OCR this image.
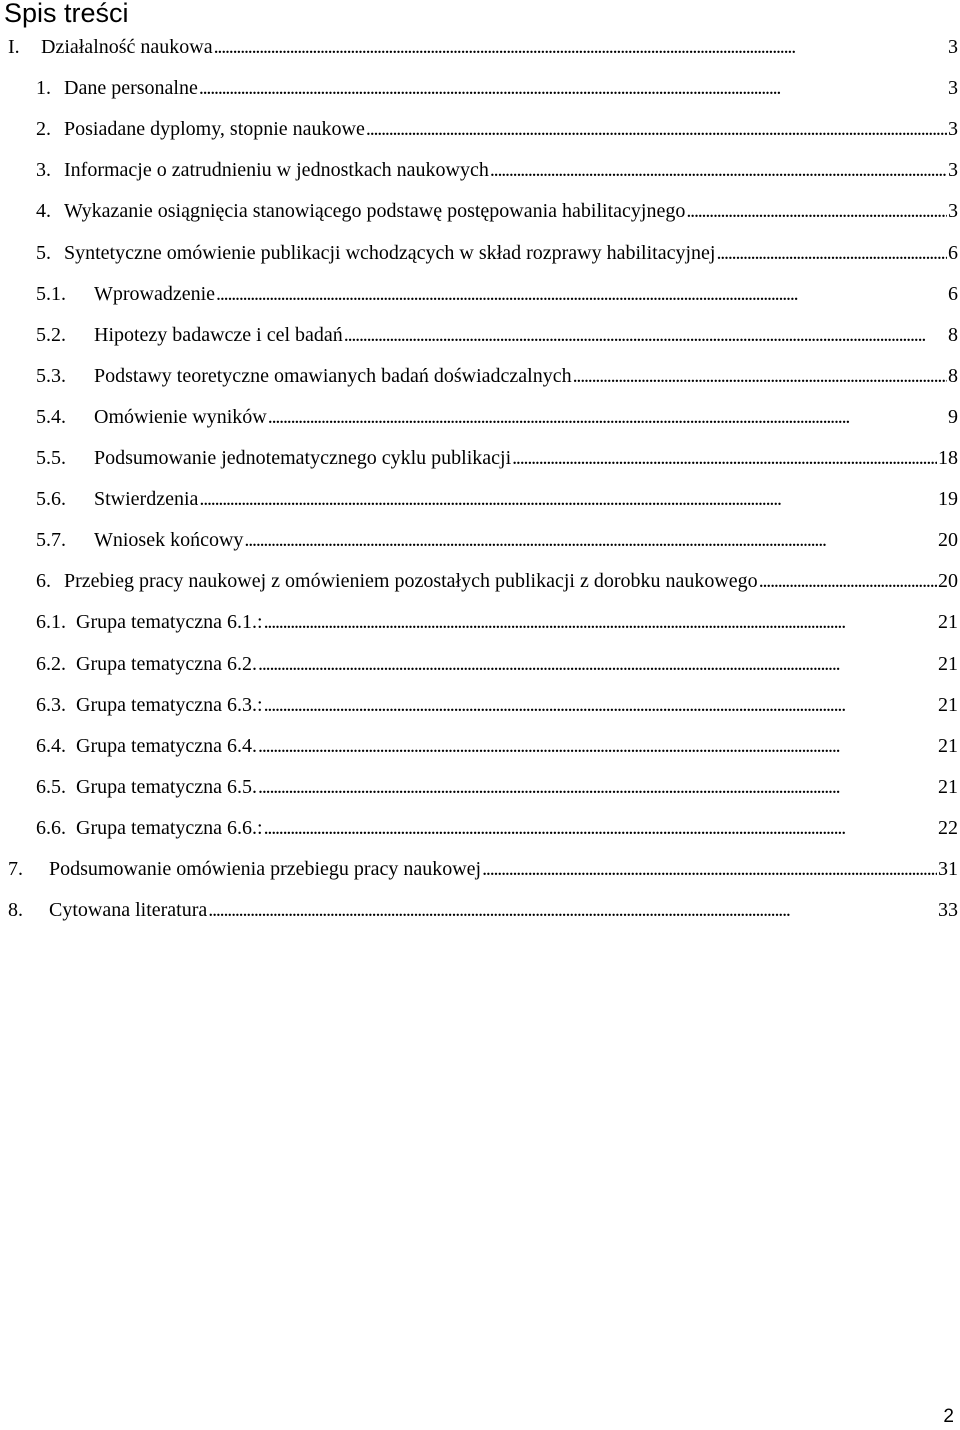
Spis treści
I.	Działalność naukowa . . .	3
1. Dane personalne . . .	3
2. Posiadane dyplomy, stopnie naukowe . . .	3
3. Informacje o zatrudnieniu w jednostkach naukowych . . .	3
4. Wykazanie osiągnięcia stanowiącego podstawę postępowania habilitacyjnego . . .	3
5. Syntetyczne omówienie publikacji wchodzących w skład rozprawy habilitacyjnej . . .	6
5.1.	Wprowadzenie . . .	6
5.2.	Hipotezy badawcze i cel badań . . .	8
5.3.	Podstawy teoretyczne omawianych badań doświadczalnych . . .	8
5.4.	Omówienie wyników . . .	9
5.5.	Podsumowanie jednotematycznego cyklu publikacji . . .	18
5.6.	Stwierdzenia . . .	19
5.7.	Wniosek końcowy . . .	20
6. Przebieg pracy naukowej z omówieniem pozostałych publikacji z dorobku naukowego . . .	20
6.1. Grupa tematyczna 6.1.: . . .	21
6.2. Grupa tematyczna 6.2. . . .	21
6.3. Grupa tematyczna 6.3.: . . .	21
6.4. Grupa tematyczna 6.4. . . .	21
6.5. Grupa tematyczna 6.5. . . .	21
6.6. Grupa tematyczna 6.6.: . . .	22
7.	Podsumowanie omówienia przebiegu pracy naukowej . . .	31
8.	Cytowana literatura . . .	33
2
